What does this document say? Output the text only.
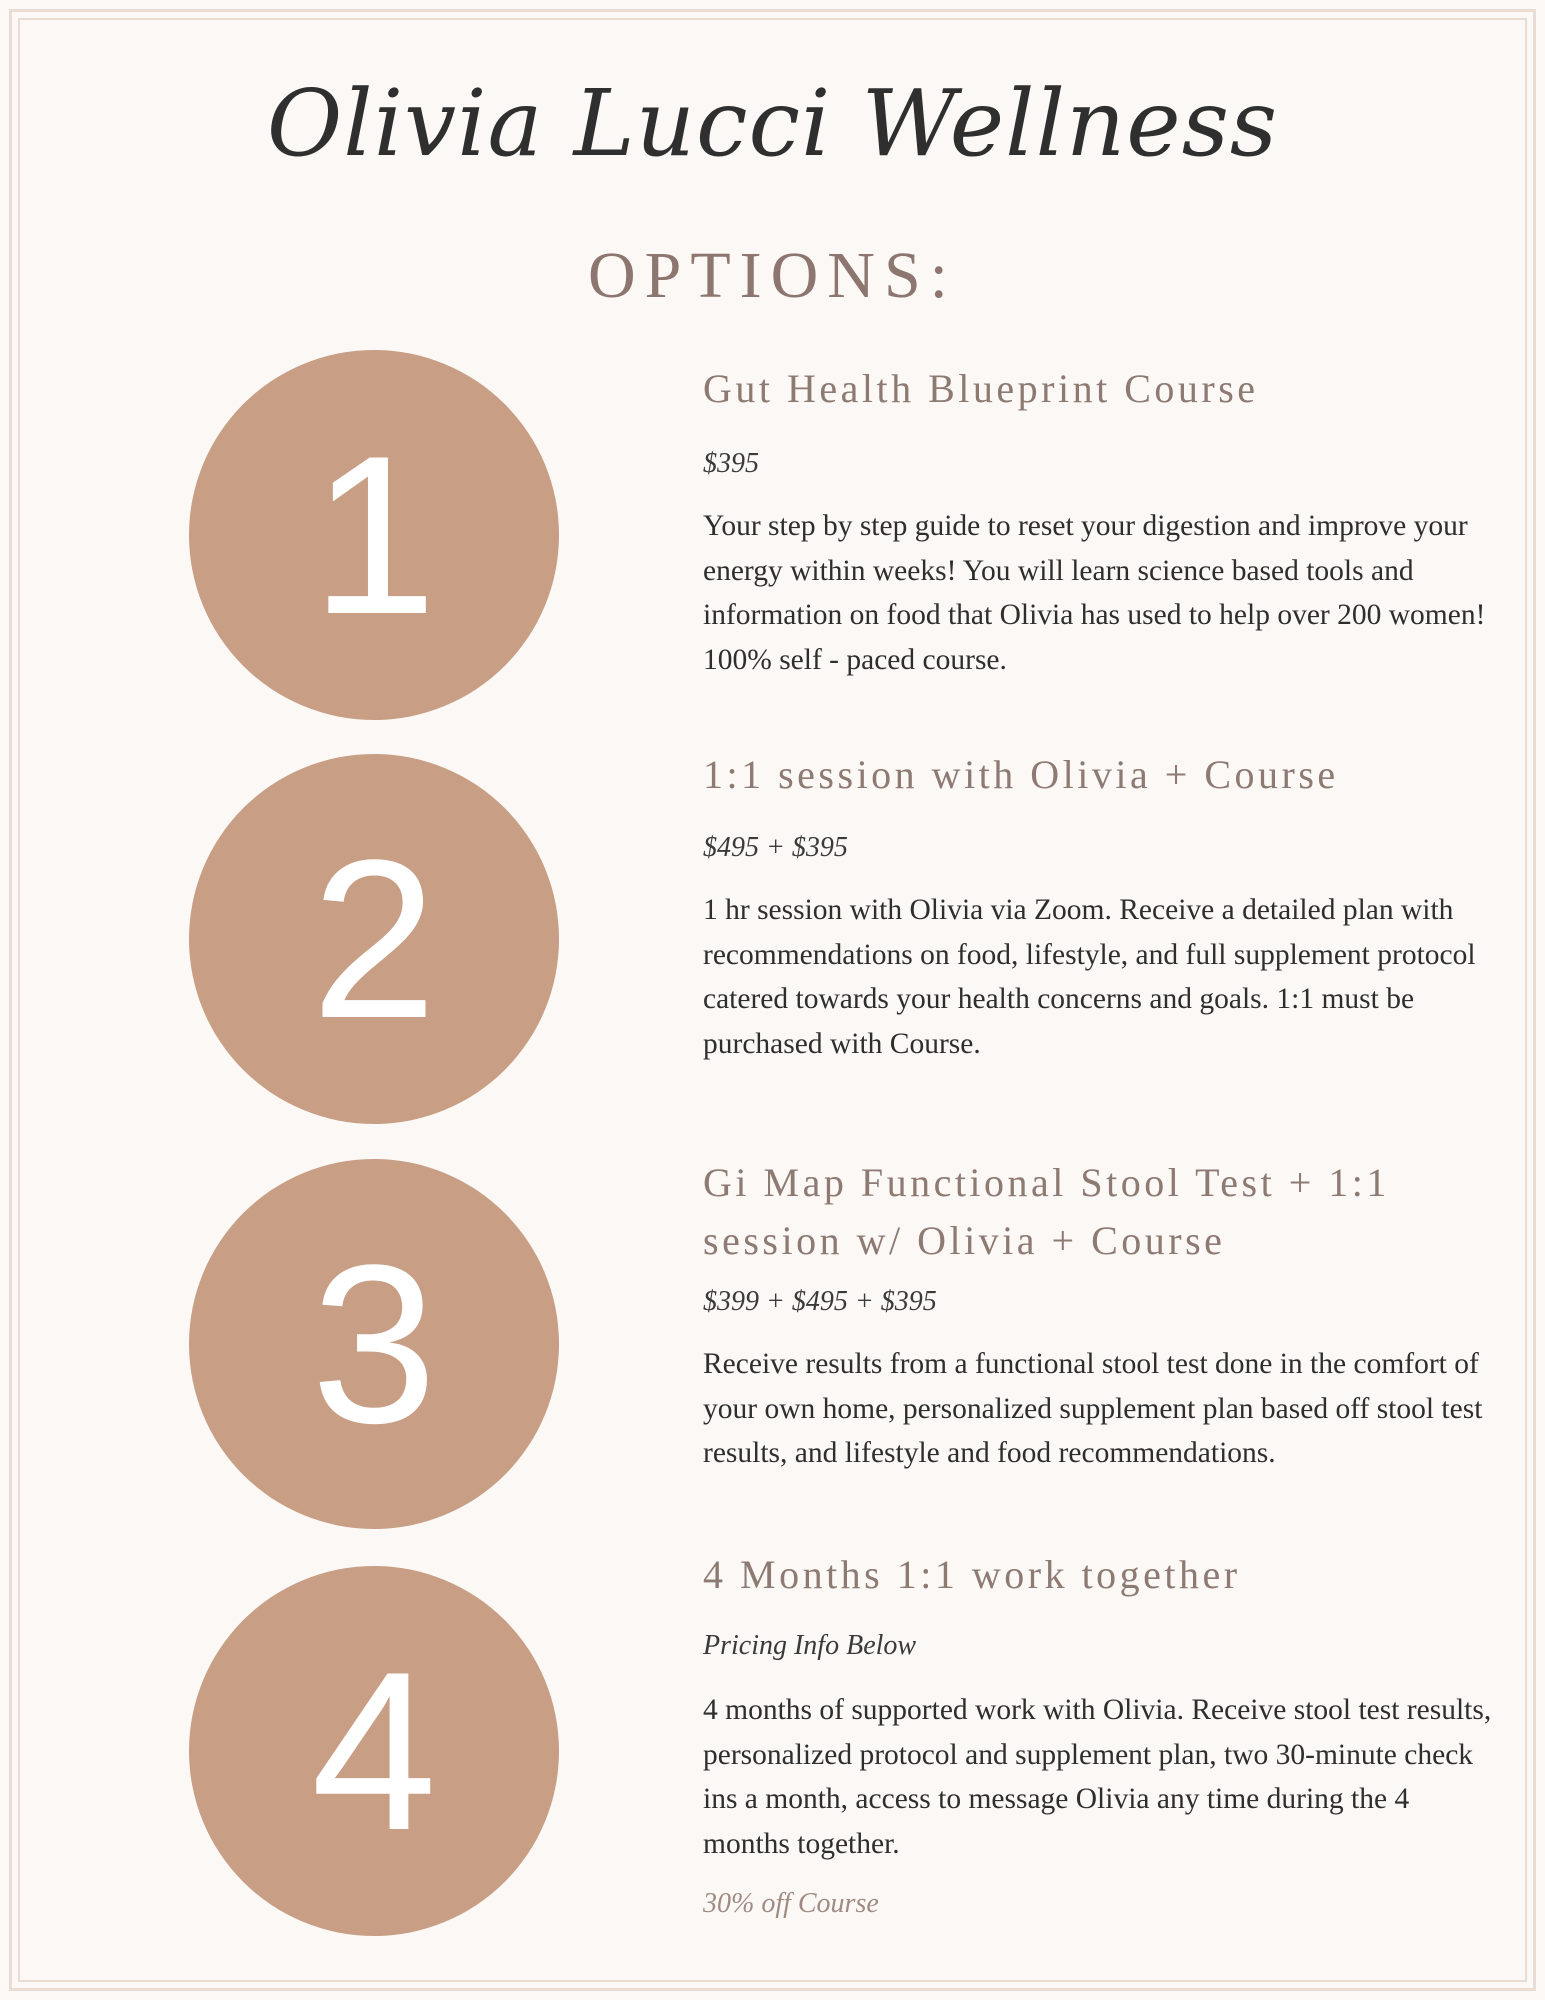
Olivia Lucci Wellness
OPTIONS:
1
Gut Health Blueprint Course
$395
Your step by step guide to reset your digestion and improve your energy within weeks! You will learn science based tools and information on food that Olivia has used to help over 200 women! 100% self - paced course.
2
1:1 session with Olivia + Course
$495 + $395
1 hr session with Olivia via Zoom. Receive a detailed plan with recommendations on food, lifestyle, and full supplement protocol catered towards your health concerns and goals. 1:1 must be purchased with Course.
3
Gi Map Functional Stool Test + 1:1 session w/ Olivia + Course
$399 + $495 + $395
Receive results from a functional stool test done in the comfort of your own home, personalized supplement plan based off stool test results, and lifestyle and food recommendations.
4
4 Months 1:1 work together
Pricing Info Below
4 months of supported work with Olivia. Receive stool test results, personalized protocol and supplement plan, two 30-minute check ins a month, access to message Olivia any time during the 4 months together.
30% off Course
